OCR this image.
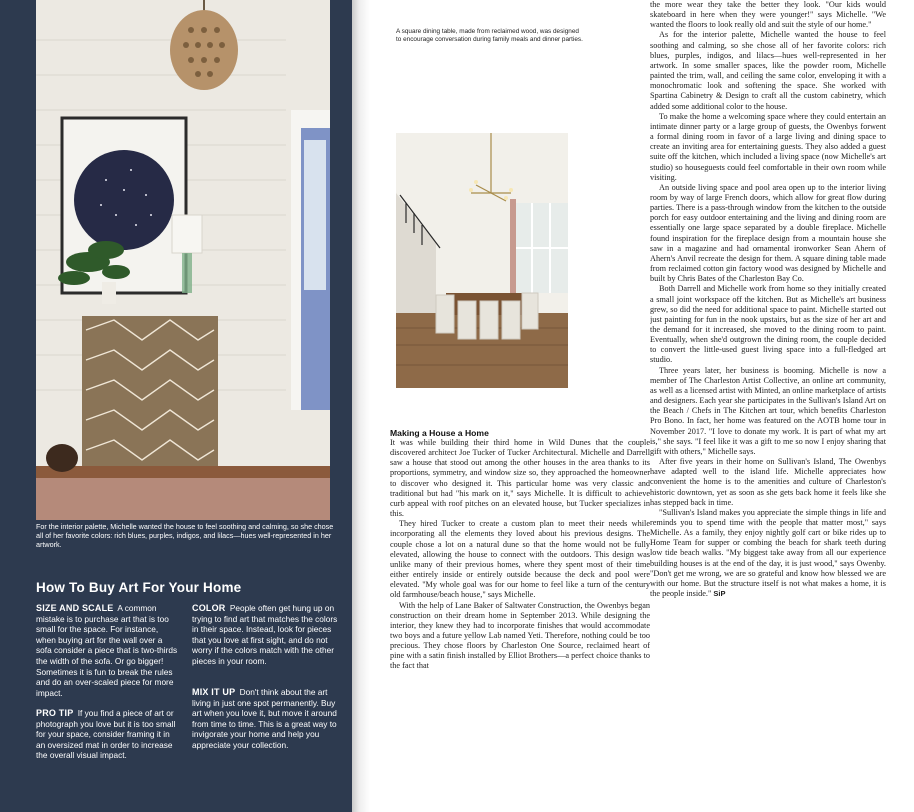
For the interior palette, Michelle wanted the house to feel soothing and calming, so she chose all of her favorite colors: rich blues, purples, indigos, and lilacs—hues well-represented in her artwork.
How To Buy Art For Your Home
SIZE AND SCALE A common mistake is to purchase art that is too small for the space. For instance, when buying art for the wall over a sofa consider a piece that is two-thirds the width of the sofa. Or go bigger! Sometimes it is fun to break the rules and do an over-scaled piece for more impact.
PRO TIP If you find a piece of art or photograph you love but it is too small for your space, consider framing it in an oversized mat in order to increase the overall visual impact.
COLOR People often get hung up on trying to find art that matches the colors in their space. Instead, look for pieces that you love at first sight, and do not worry if the colors match with the other pieces in your room.
MIX IT UP Don't think about the art living in just one spot permanently. Buy art when you love it, but move it around from time to time. This is a great way to invigorate your home and help you appreciate your collection.
A square dining table, made from reclaimed wood, was designed to encourage conversation during family meals and dinner parties.
Making a House a Home

It was while building their third home in Wild Dunes that the couple discovered architect Joe Tucker of Tucker Architectural. Michelle and Darrell saw a house that stood out among the other houses in the area thanks to its proportions, symmetry, and window size so, they approached the homeowner to discover who designed it. This particular home was very classic and traditional but had "his mark on it," says Michelle. It is difficult to achieve curb appeal with roof pitches on an elevated house, but Tucker specializes in this.

They hired Tucker to create a custom plan to meet their needs while incorporating all the elements they loved about his previous designs. The couple chose a lot on a natural dune so that the home would not be fully elevated, allowing the house to connect with the outdoors. This design was unlike many of their previous homes, where they spent most of their time either entirely inside or entirely outside because the deck and pool were elevated. "My whole goal was for our home to feel like a turn of the century old farmhouse/beach house," says Michelle.

With the help of Lane Baker of Saltwater Construction, the Owenbys began construction on their dream home in September 2013. While designing the interior, they knew they had to incorporate finishes that would accommodate two boys and a future yellow Lab named Yeti. Therefore, nothing could be too precious. They chose floors by Charleston One Source, reclaimed heart of pine with a satin finish installed by Elliot Brothers—a perfect choice thanks to the fact that

the more wear they take the better they look. "Our kids would skateboard in here when they were younger!" says Michelle. "We wanted the floors to look really old and suit the style of our home."

As for the interior palette, Michelle wanted the house to feel soothing and calming, so she chose all of her favorite colors: rich blues, purples, indigos, and lilacs—hues well-represented in her artwork. In some smaller spaces, like the powder room, Michelle painted the trim, wall, and ceiling the same color, enveloping it with a monochromatic look and softening the space. She worked with Spartina Cabinetry & Design to craft all the custom cabinetry, which added some additional color to the house.

To make the home a welcoming space where they could entertain an intimate dinner party or a large group of guests, the Owenbys forwent a formal dining room in favor of a large living and dining space to create an inviting area for entertaining guests. They also added a guest suite off the kitchen, which included a living space (now Michelle's art studio) so houseguests could feel comfortable in their own room while visiting.

An outside living space and pool area open up to the interior living room by way of large French doors, which allow for great flow during parties. There is a pass-through window from the kitchen to the outside porch for easy outdoor entertaining and the living and dining room are essentially one large space separated by a double fireplace. Michelle found inspiration for the fireplace design from a mountain house she saw in a magazine and had ornamental ironworker Sean Ahern of Ahern's Anvil recreate the design for them. A square dining table made from reclaimed cotton gin factory wood was designed by Michelle and built by Chris Bates of the Charleston Bay Co.

Both Darrell and Michelle work from home so they initially created a small joint workspace off the kitchen. But as Michelle's art business grew, so did the need for additional space to paint. Michelle started out just painting for fun in the nook upstairs, but as the size of her art and the demand for it increased, she moved to the dining room to paint. Eventually, when she'd outgrown the dining room, the couple decided to convert the little-used guest living space into a full-fledged art studio.

Three years later, her business is booming. Michelle is now a member of The Charleston Artist Collective, an online art community, as well as a licensed artist with Minted, an online marketplace of artists and designers. Each year she participates in the Sullivan's Island Art on the Beach / Chefs in The Kitchen art tour, which benefits Charleston Pro Bono. In fact, her home was featured on the AOTB home tour in November 2017. "I love to donate my work. It is part of what my art is," she says. "I feel like it was a gift to me so now I enjoy sharing that gift with others," Michelle says.

After five years in their home on Sullivan's Island, The Owenbys have adapted well to the island life. Michelle appreciates how convenient the home is to the amenities and culture of Charleston's historic downtown, yet as soon as she gets back home it feels like she has stepped back in time.

"Sullivan's Island makes you appreciate the simple things in life and reminds you to spend time with the people that matter most," says Michelle. As a family, they enjoy nightly golf cart or bike rides up to Home Team for supper or combing the beach for shark teeth during low tide beach walks. "My biggest take away from all our experience building houses is at the end of the day, it is just wood," says Owenby. "Don't get me wrong, we are so grateful and know how blessed we are with our home. But the structure itself is not what makes a home, it is the people inside." SiP
